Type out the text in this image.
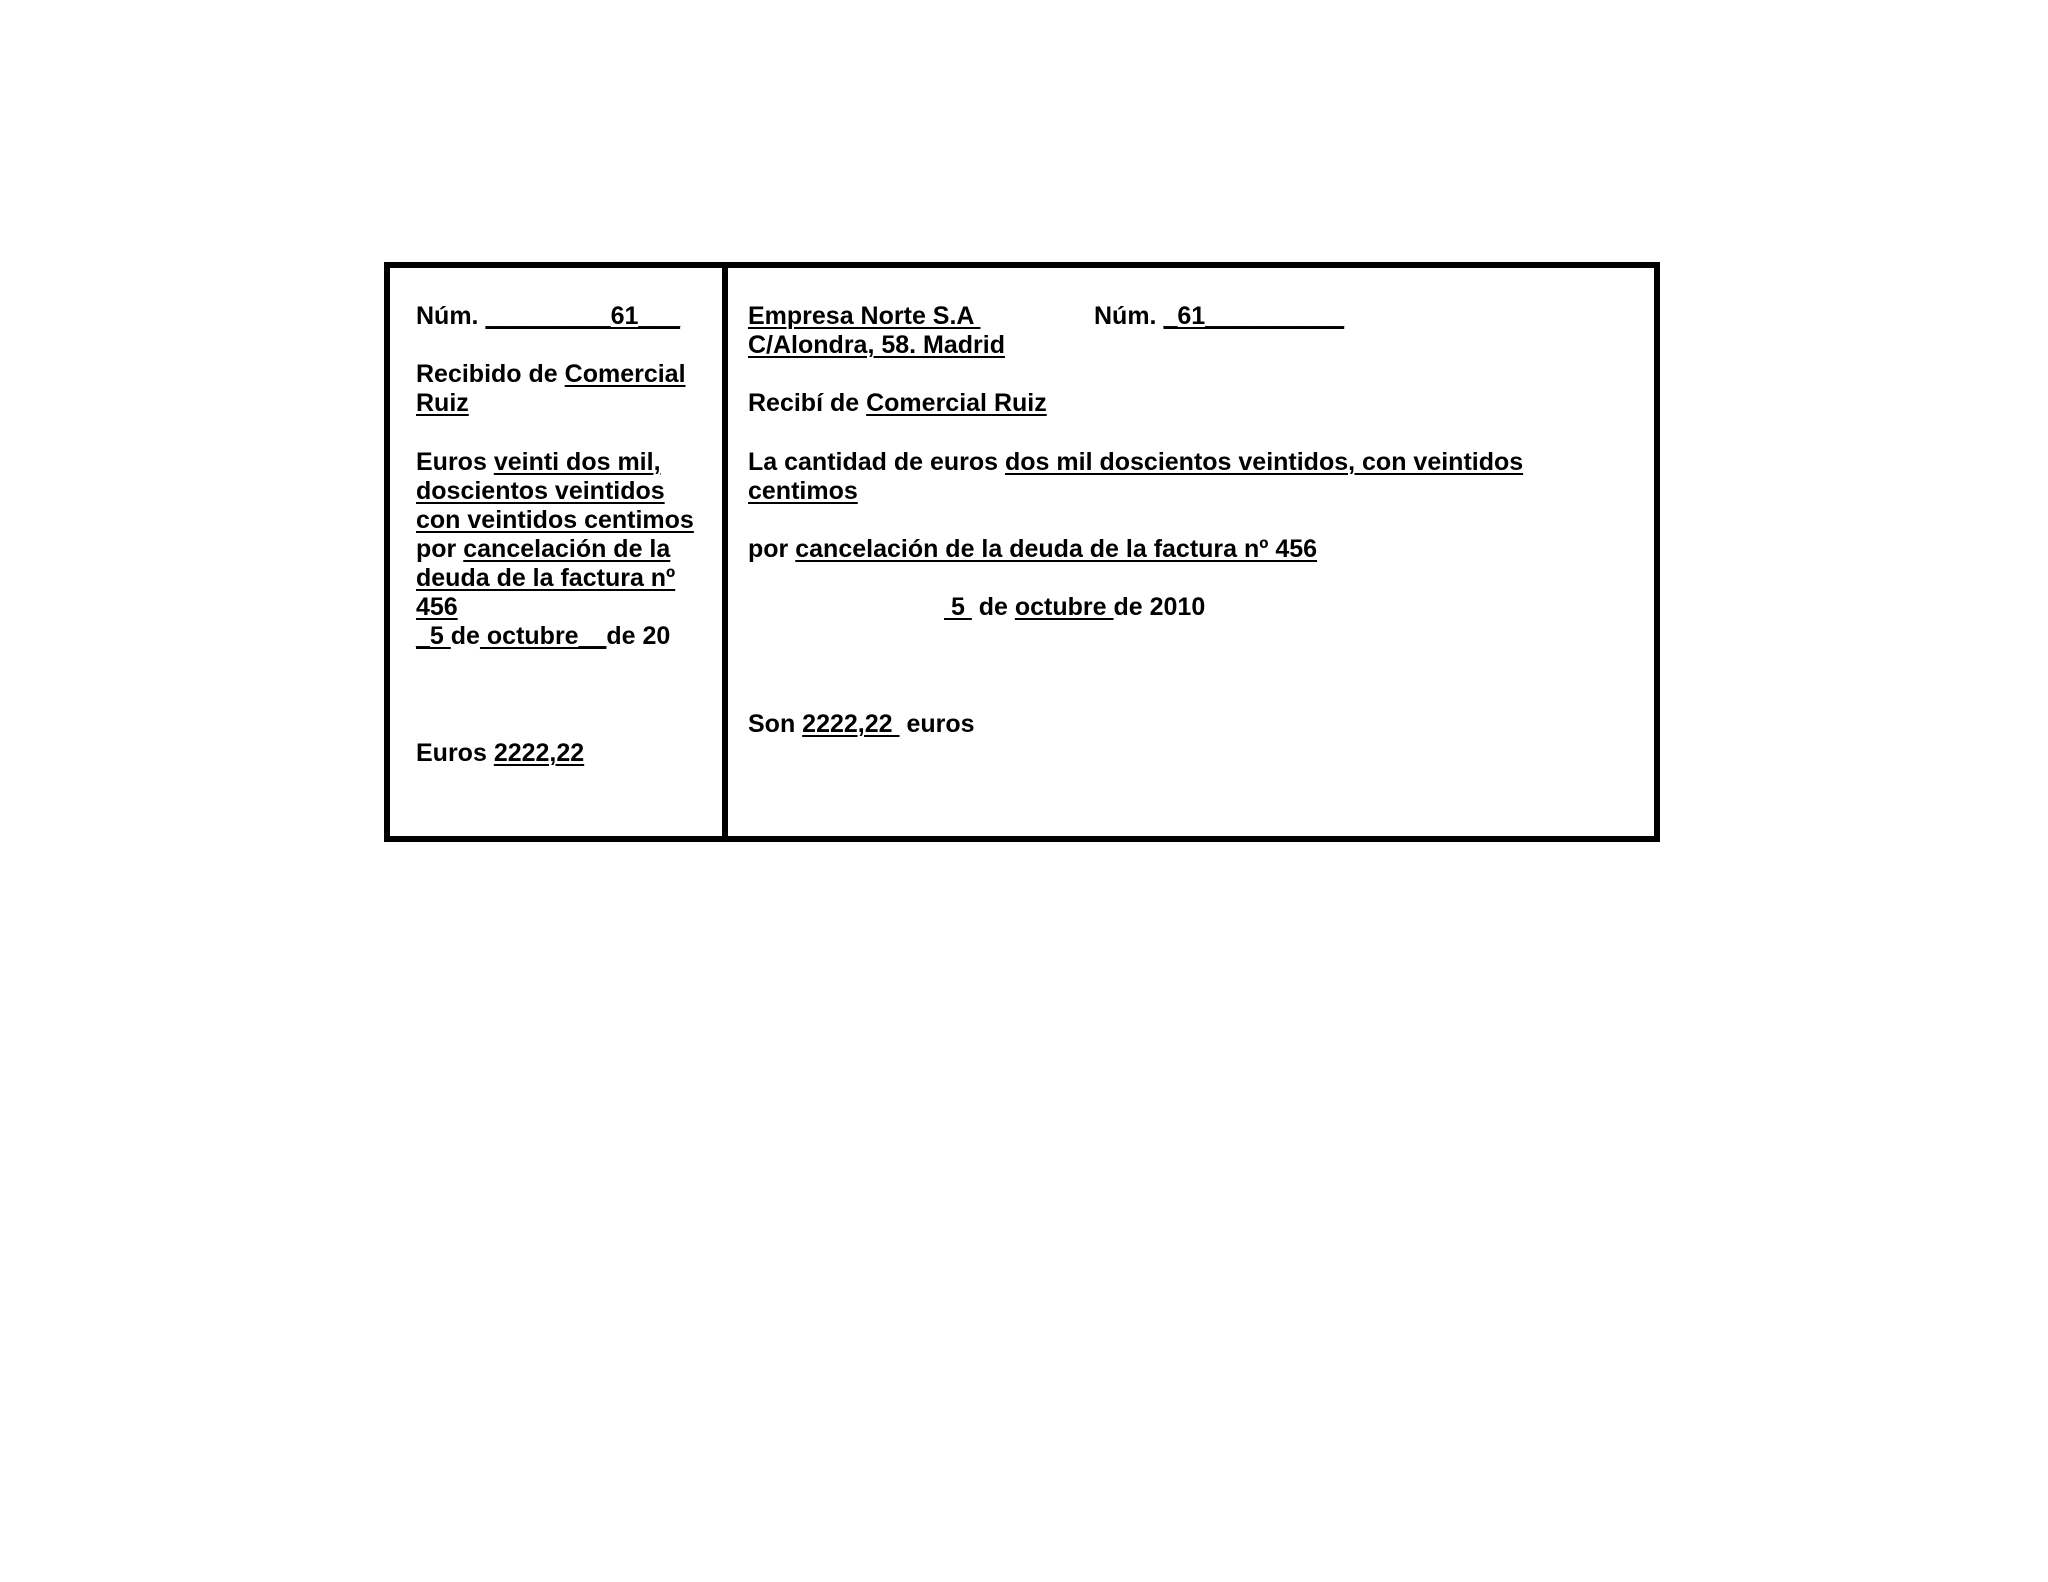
Núm. _________61___
Recibido de Comercial
Ruiz
Euros veinti dos mil,
doscientos veintidos
con veintidos centimos
por cancelación de la
deuda de la factura nº
456
_5 de octubre__de 20
Euros 2222,22
Empresa Norte S.A	Núm. _61__________
C/Alondra, 58. Madrid
Recibí de Comercial Ruiz
La cantidad de euros dos mil doscientos veintidos, con veintidos
centimos
por cancelación de la deuda de la factura nº 456
5  de octubre de 2010
Son 2222,22  euros
